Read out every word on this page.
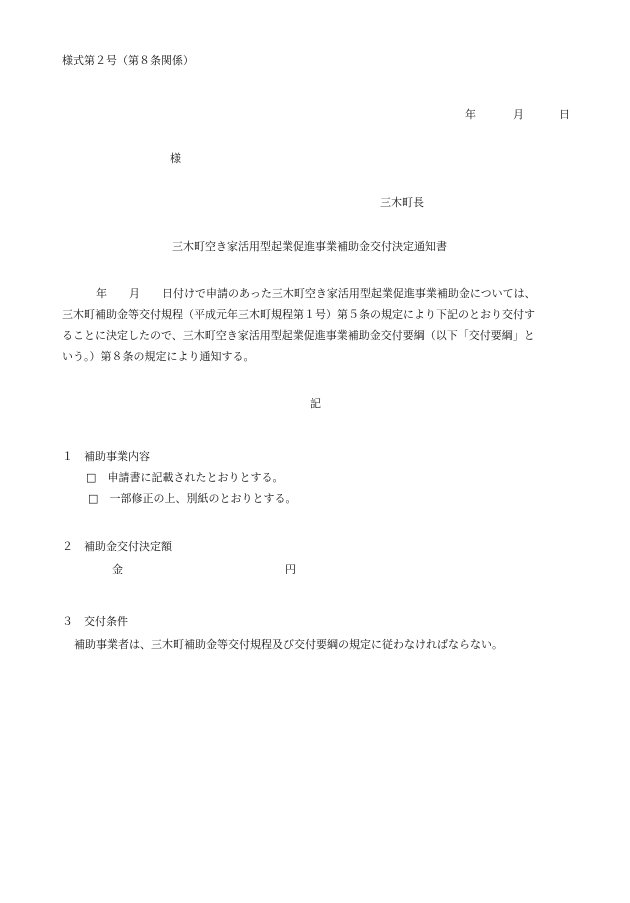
様式第２号（第８条関係）
年	月	日
様
三木町長
三木町空き家活用型起業促進事業補助金交付決定通知書
年　　月　　日付けで申請のあった三木町空き家活用型起業促進事業補助金については、
三木町補助金等交付規程（平成元年三木町規程第１号）第５条の規定により下記のとおり交付す
ることに決定したので、三木町空き家活用型起業促進事業補助金交付要綱（以下「交付要綱」と
いう。）第８条の規定により通知する。
記
１　補助事業内容
□ 申請書に記載されたとおりとする。
□ 一部修正の上、別紙のとおりとする。
２　補助金交付決定額
金	円
３　交付条件
補助事業者は、三木町補助金等交付規程及び交付要綱の規定に従わなければならない。
